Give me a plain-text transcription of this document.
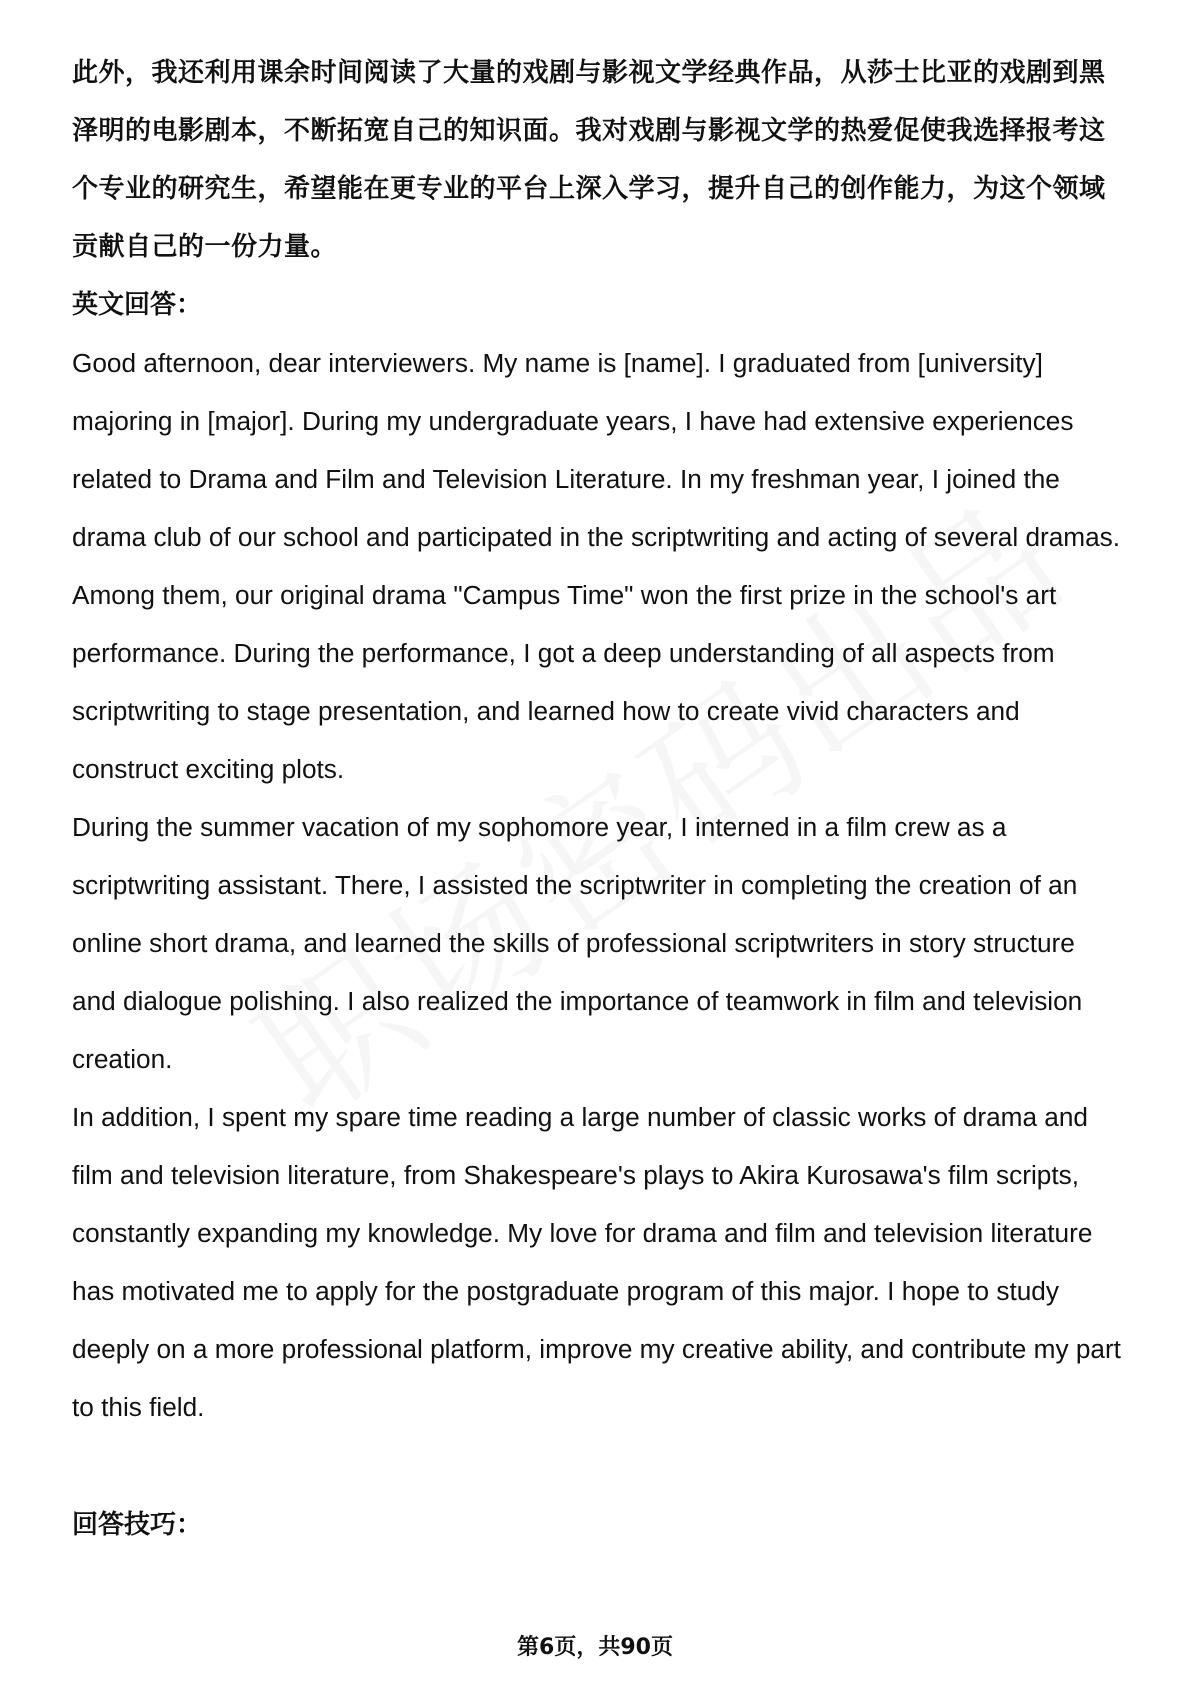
此外，我还利用课余时间阅读了大量的戏剧与影视文学经典作品，从莎士比亚的戏剧到黑泽明的电影剧本，不断拓宽自己的知识面。我对戏剧与影视文学的热爱促使我选择报考这个专业的研究生，希望能在更专业的平台上深入学习，提升自己的创作能力，为这个领域贡献自己的一份力量。

英文回答：

Good afternoon, dear interviewers. My name is [name]. I graduated from [university] majoring in [major]. During my undergraduate years, I have had extensive experiences related to Drama and Film and Television Literature. In my freshman year, I joined the drama club of our school and participated in the scriptwriting and acting of several dramas. Among them, our original drama "Campus Time" won the first prize in the school's art performance. During the performance, I got a deep understanding of all aspects from scriptwriting to stage presentation, and learned how to create vivid characters and construct exciting plots.

During the summer vacation of my sophomore year, I interned in a film crew as a scriptwriting assistant. There, I assisted the scriptwriter in completing the creation of an online short drama, and learned the skills of professional scriptwriters in story structure and dialogue polishing. I also realized the importance of teamwork in film and television creation.

In addition, I spent my spare time reading a large number of classic works of drama and film and television literature, from Shakespeare's plays to Akira Kurosawa's film scripts, constantly expanding my knowledge. My love for drama and film and television literature has motivated me to apply for the postgraduate program of this major. I hope to study deeply on a more professional platform, improve my creative ability, and contribute my part to this field.

回答技巧：

第6页，共90页
